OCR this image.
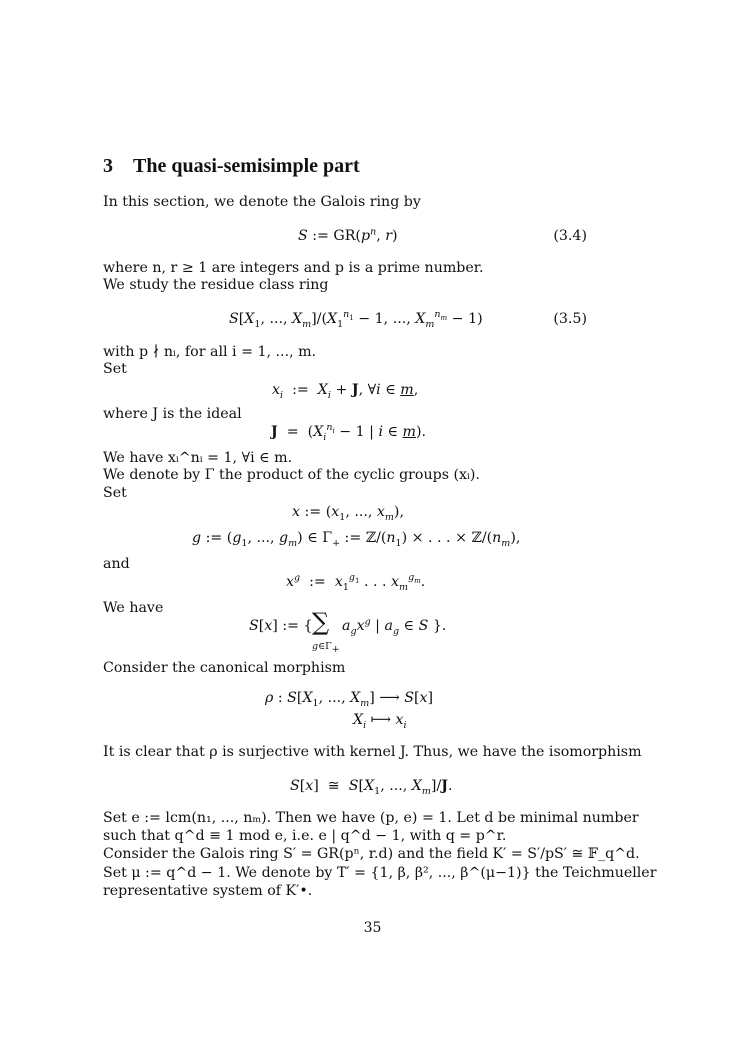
3 The quasi-semisimple part
In this section, we denote the Galois ring by
S := $GR(p^n$, r)	(3.4)
where n, r ≥ 1 are integers and p is a prime number.
We study the residue class ring
$S[X_1$, ..., $X_m]/(X_1^{n_1} - 1$, ..., $X_m^{n_m} - 1$)	(3.5)
with p ∤ nᵢ, for all i = 1, ..., m.
Set
$x_i$  :=  $X_i + J$, ∀i ∈ m,
where J is the ideal
$J = (X_i^{n_i} - 1$ | i ∈ m).
We have xᵢ^nᵢ = 1, ∀i ∈ m.
We denote by Γ the product of the cyclic groups (xᵢ).
Set
x := ($x_1$, ..., $x_m$),
g := ($g_1$, ..., $g_m$) ∈ $\Gamma_+$ := $ℤ/(n_1)$ × . . . × $ℤ/(n_m)$,
and
$x^g$  :=  $x_1^{g_1}$ . . . $x_m^{g_m}$.
We have
S[x] := { ∑
$g\in\Gamma_+$
$a_gx^g$ | $a_g$ ∈ S }.
Consider the canonical morphism
ρ : $S[X_1$, ..., $X_m$] ⟶ S[x]
$X_i$ ⟼ $x_i$
It is clear that ρ is surjective with kernel J. Thus, we have the isomorphism
S[x]  ≅  $S[X_1$, ..., $X_m]/J$.
Set e := lcm(n₁, ..., nₘ). Then we have (p, e) = 1. Let d be minimal number
such that q^d ≡ 1 mod e, i.e. e | q^d − 1, with q = p^r.
Consider the Galois ring S′ = GR(pⁿ, r.d) and the field K′ = S′/pS′ ≅ 𝔽_q^d.
Set μ := q^d − 1. We denote by T′ = {1, β, β², ..., β^(μ−1)} the Teichmueller
representative system of K′•.
35
